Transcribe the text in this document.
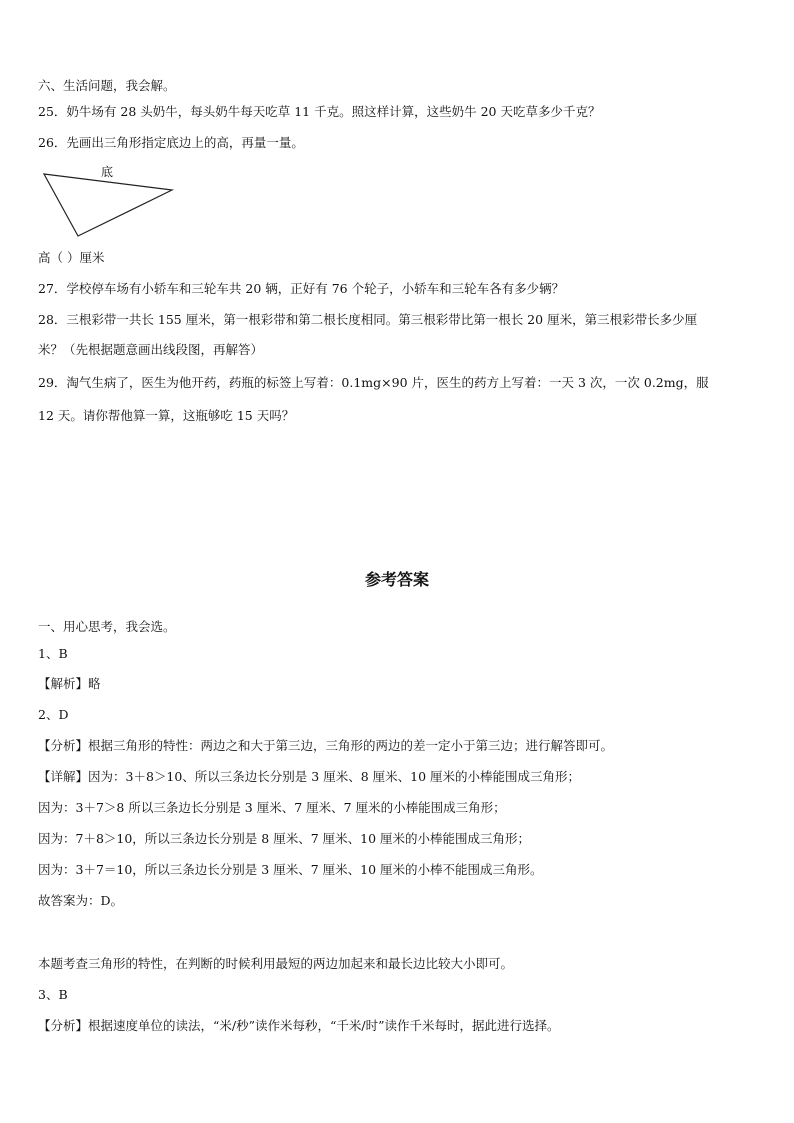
六、生活问题，我会解。
25．奶牛场有 28 头奶牛，每头奶牛每天吃草 11 千克。照这样计算，这些奶牛 20 天吃草多少千克？
26．先画出三角形指定底边上的高，再量一量。
底
高（ ）厘米
27．学校停车场有小轿车和三轮车共 20 辆，正好有 76 个轮子，小轿车和三轮车各有多少辆？
28．三根彩带一共长 155 厘米，第一根彩带和第二根长度相同。第三根彩带比第一根长 20 厘米，第三根彩带长多少厘
米？（先根据题意画出线段图，再解答）
29．淘气生病了，医生为他开药，药瓶的标签上写着：0.1mg×90 片，医生的药方上写着：一天 3 次，一次 0.2mg，服
12 天。请你帮他算一算，这瓶够吃 15 天吗？
参考答案
一、用心思考，我会选。
1、B
【解析】略
2、D
【分析】根据三角形的特性：两边之和大于第三边，三角形的两边的差一定小于第三边；进行解答即可。
【详解】因为：3＋8＞10、所以三条边长分别是 3 厘米、8 厘米、10 厘米的小棒能围成三角形；
因为：3＋7＞8 所以三条边长分别是 3 厘米、7 厘米、7 厘米的小棒能围成三角形；
因为：7＋8＞10，所以三条边长分别是 8 厘米、7 厘米、10 厘米的小棒能围成三角形；
因为：3＋7＝10，所以三条边长分别是 3 厘米、7 厘米、10 厘米的小棒不能围成三角形。
故答案为：D。
本题考查三角形的特性，在判断的时候利用最短的两边加起来和最长边比较大小即可。
3、B
【分析】根据速度单位的读法，“米/秒”读作米每秒，“千米/时”读作千米每时，据此进行选择。
